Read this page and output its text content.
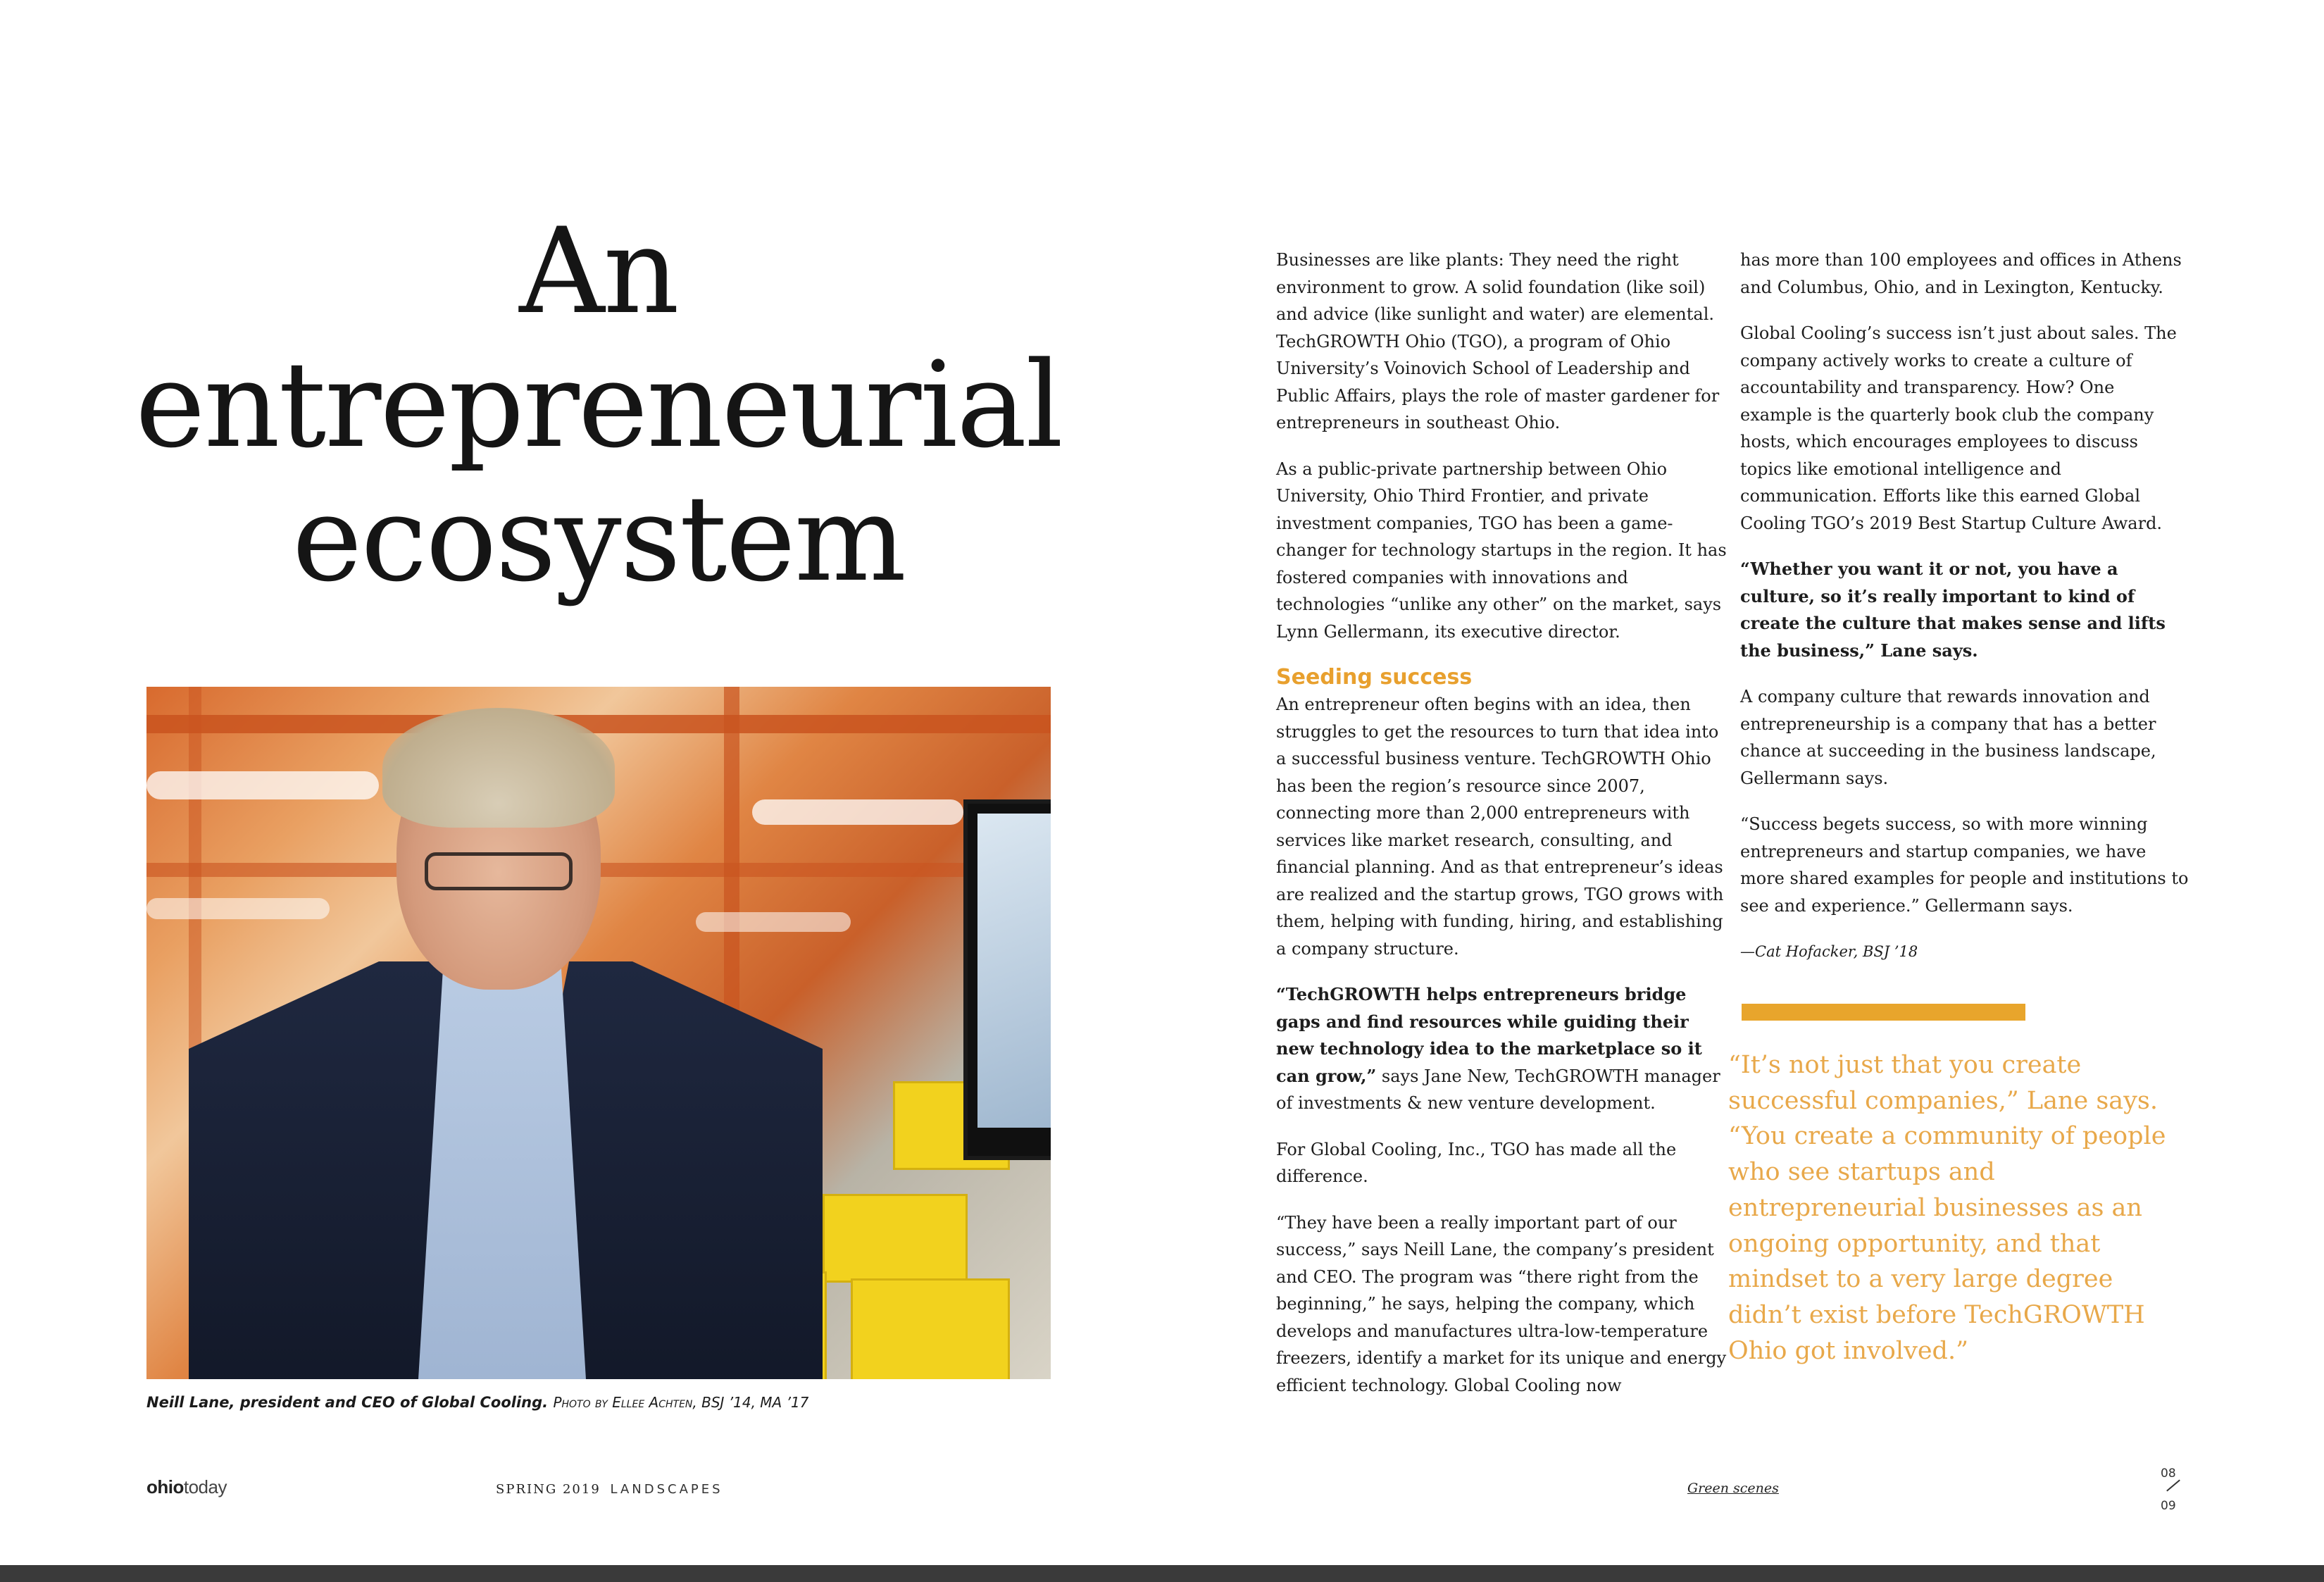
An
entrepreneurial
ecosystem

Neill Lane, president and CEO of Global Cooling. Photo by Ellee Achten, BSJ ’14, MA ’17

Businesses are like plants: They need the right environment to grow. A solid foundation (like soil) and advice (like sunlight and water) are elemental. TechGROWTH Ohio (TGO), a program of Ohio University’s Voinovich School of Leadership and Public Affairs, plays the role of master gardener for entrepreneurs in southeast Ohio.

As a public-private partnership between Ohio University, Ohio Third Frontier, and private investment companies, TGO has been a game-changer for technology startups in the region. It has fostered companies with innovations and technologies “unlike any other” on the market, says Lynn Gellermann, its executive director.

Seeding success

An entrepreneur often begins with an idea, then struggles to get the resources to turn that idea into a successful business venture. TechGROWTH Ohio has been the region’s resource since 2007, connecting more than 2,000 entrepreneurs with services like market research, consulting, and financial planning. And as that entrepreneur’s ideas are realized and the startup grows, TGO grows with them, helping with funding, hiring, and establishing a company structure.

“TechGROWTH helps entrepreneurs bridge gaps and find resources while guiding their new technology idea to the marketplace so it can grow,” says Jane New, TechGROWTH manager of investments & new venture development.

For Global Cooling, Inc., TGO has made all the difference.

“They have been a really important part of our success,” says Neill Lane, the company’s president and CEO. The program was “there right from the beginning,” he says, helping the company, which develops and manufactures ultra-low-temperature freezers, identify a market for its unique and energy efficient technology. Global Cooling now

has more than 100 employees and offices in Athens and Columbus, Ohio, and in Lexington, Kentucky.

Global Cooling’s success isn’t just about sales. The company actively works to create a culture of accountability and transparency. How? One example is the quarterly book club the company hosts, which encourages employees to discuss topics like emotional intelligence and communication. Efforts like this earned Global Cooling TGO’s 2019 Best Startup Culture Award.

“Whether you want it or not, you have a culture, so it’s really important to kind of create the culture that makes sense and lifts the business,” Lane says.

A company culture that rewards innovation and entrepreneurship is a company that has a better chance at succeeding in the business landscape, Gellermann says.

“Success begets success, so with more winning entrepreneurs and startup companies, we have more shared examples for people and institutions to see and experience.” Gellermann says.

—Cat Hofacker, BSJ ’18

“It’s not just that you create successful companies,” Lane says. “You create a community of people who see startups and entrepreneurial businesses as an ongoing opportunity, and that mindset to a very large degree didn’t exist before TechGROWTH Ohio got involved.”

ohiotoday	SPRING 2019 LANDSCAPES	Green scenes
08
09
